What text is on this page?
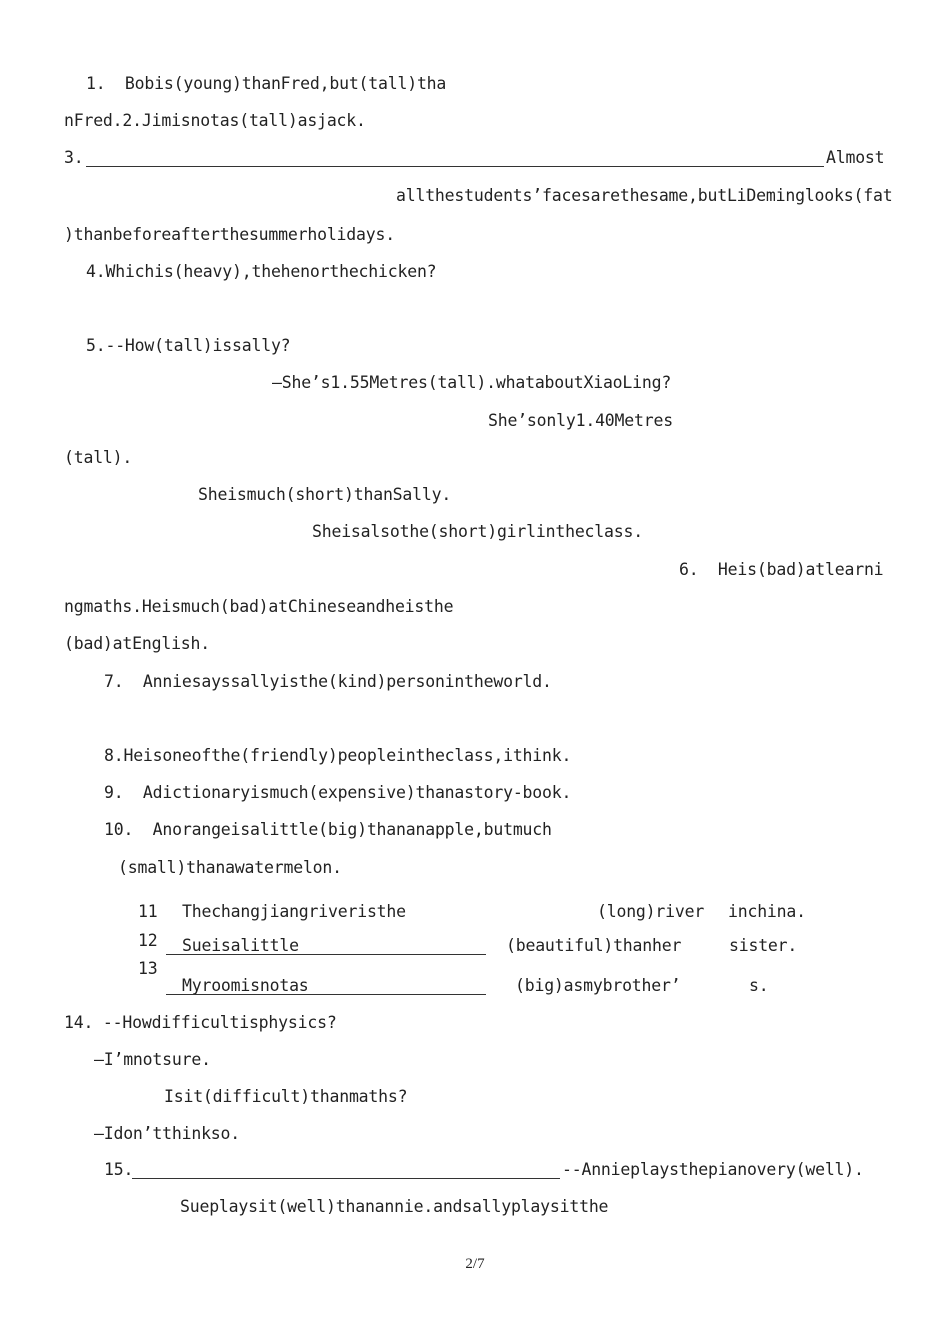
1.  Bobis(young)thanFred,but(tall)tha
nFred.2.Jimisnotas(tall)asjack.
3.	Almost
allthestudents’facesarethesame,butLiDeminglooks(fat
)thanbeforeafterthesummerholidays.
4.Whichis(heavy),thehenorthechicken?
5.--How(tall)issally?
—She’s1.55Metres(tall).whataboutXiaoLing?
She’sonly1.40Metres
(tall).
Sheismuch(short)thanSally.
Sheisalsothe(short)girlintheclass.
6.  Heis(bad)atlearni
ngmaths.Heismuch(bad)atChineseandheisthe
(bad)atEnglish.
7.  Anniesayssallyisthe(kind)personintheworld.
8.Heisoneofthe(friendly)peopleintheclass,ithink.
9.  Adictionaryismuch(expensive)thanastory-book.
10.  Anorangeisalittle(big)thananapple,butmuch
(small)thanawatermelon.
11 Thechangjiangriveristhe	(long)river inchina.
12 Sueisalittle	(beautiful)thanher	sister.
13
Myroomisnotas	(big)asmybrother’	s.
14. --Howdifficultisphysics?
—I’mnotsure.
Isit(difficult)thanmaths?
—Idon’tthinkso.
15.	--Annieplaysthepianovery(well).
Sueplaysit(well)thanannie.andsallyplaysitthe
2/7
